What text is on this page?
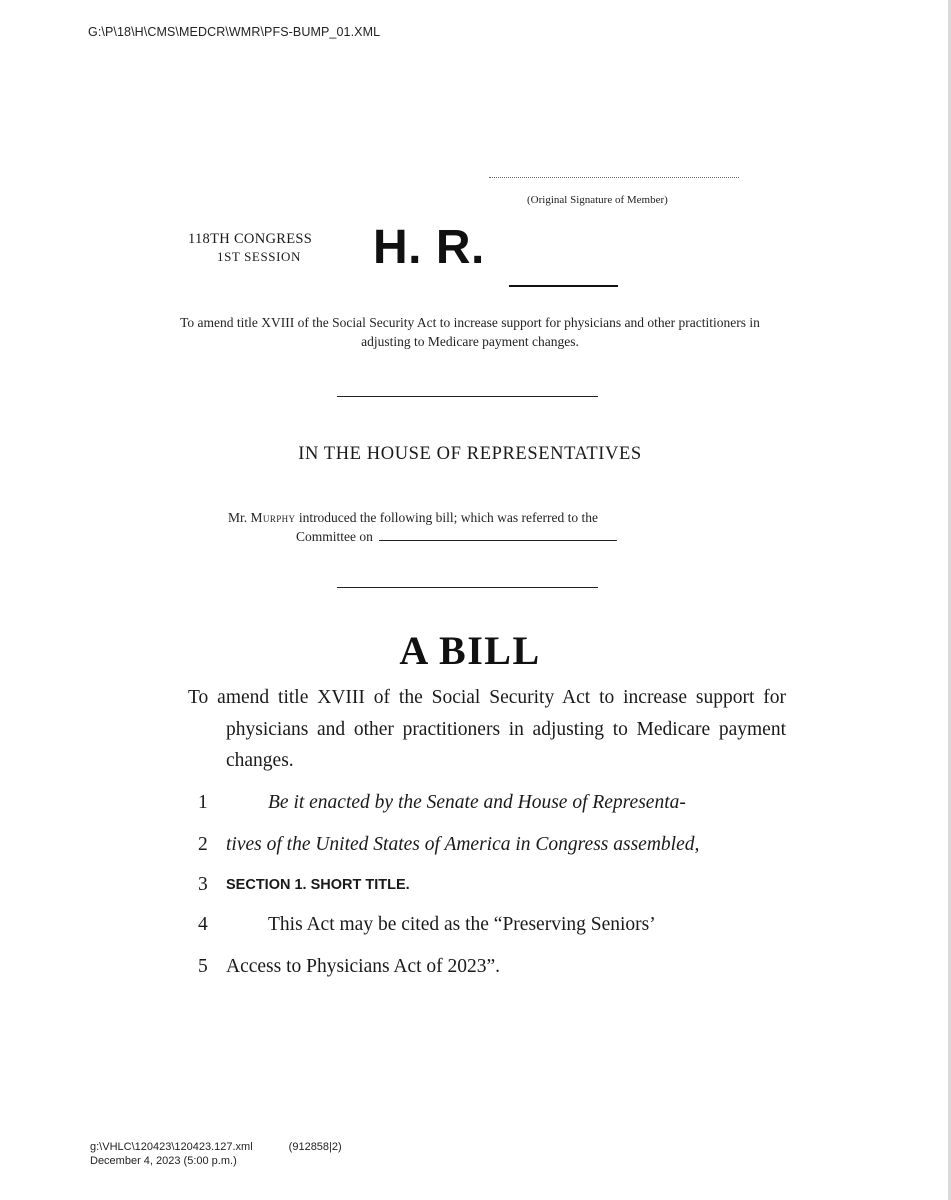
G:\P\18\H\CMS\MEDCR\WMR\PFS-BUMP_01.XML
(Original Signature of Member)
118TH CONGRESS
1ST SESSION H. R.
To amend title XVIII of the Social Security Act to increase support for physicians and other practitioners in adjusting to Medicare payment changes.
IN THE HOUSE OF REPRESENTATIVES
Mr. Murphy introduced the following bill; which was referred to the
Committee on
A BILL
To amend title XVIII of the Social Security Act to increase support for physicians and other practitioners in adjusting to Medicare payment changes.
1	Be it enacted by the Senate and House of Representa-
2 tives of the United States of America in Congress assembled,
3	SECTION 1. SHORT TITLE.
4	This Act may be cited as the “Preserving Seniors’
5 Access to Physicians Act of 2023”.
g:\VHLC\120423\120423.127.xml	(912858|2)
December 4, 2023 (5:00 p.m.)
